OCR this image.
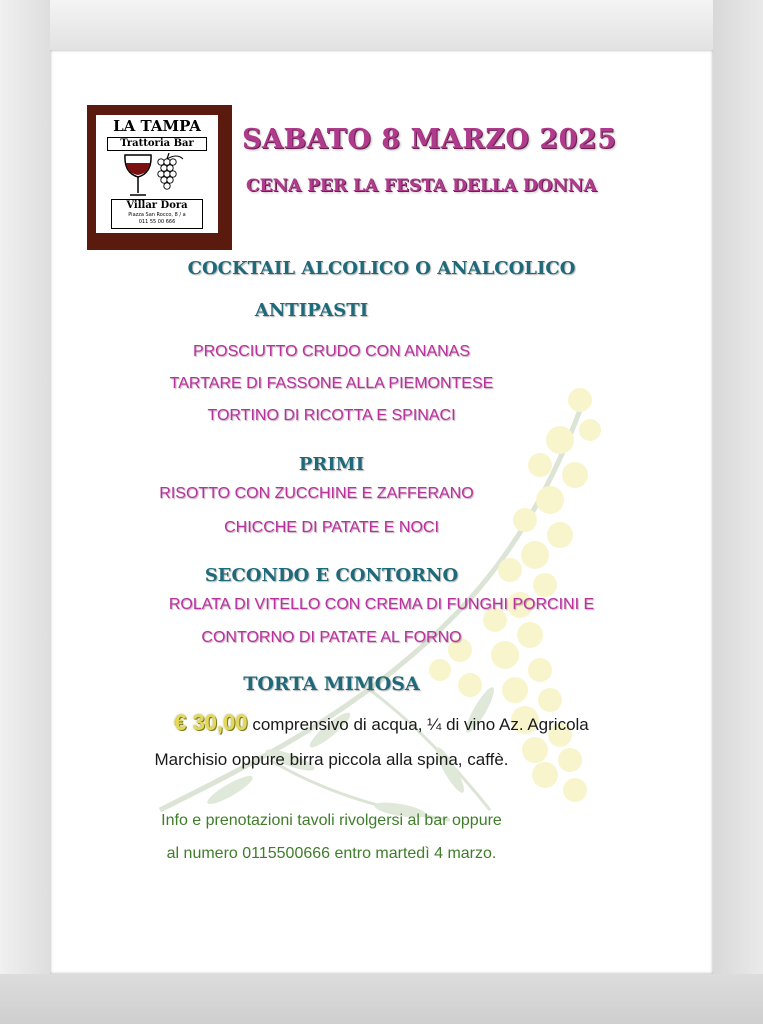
LA TAMPA
Trattoria Bar
Villar Dora
Piazza San Rocco, 8 / a
011 55 00 666
SABATO 8 MARZO 2025
CENA PER LA FESTA DELLA DONNA
COCKTAIL ALCOLICO O ANALCOLICO
ANTIPASTI
PROSCIUTTO CRUDO CON ANANAS
TARTARE DI FASSONE ALLA PIEMONTESE
TORTINO DI RICOTTA E SPINACI
PRIMI
RISOTTO CON ZUCCHINE E ZAFFERANO
CHICCHE DI PATATE E NOCI
SECONDO E CONTORNO
ROLATA DI VITELLO CON CREMA DI FUNGHI PORCINI E
CONTORNO DI PATATE AL FORNO
TORTA MIMOSA
€ 30,00 comprensivo di acqua, ¼ di vino Az. Agricola
Marchisio oppure birra piccola alla spina, caffè.
Info e prenotazioni tavoli rivolgersi al bar oppure
al numero 0115500666 entro martedì 4 marzo.
